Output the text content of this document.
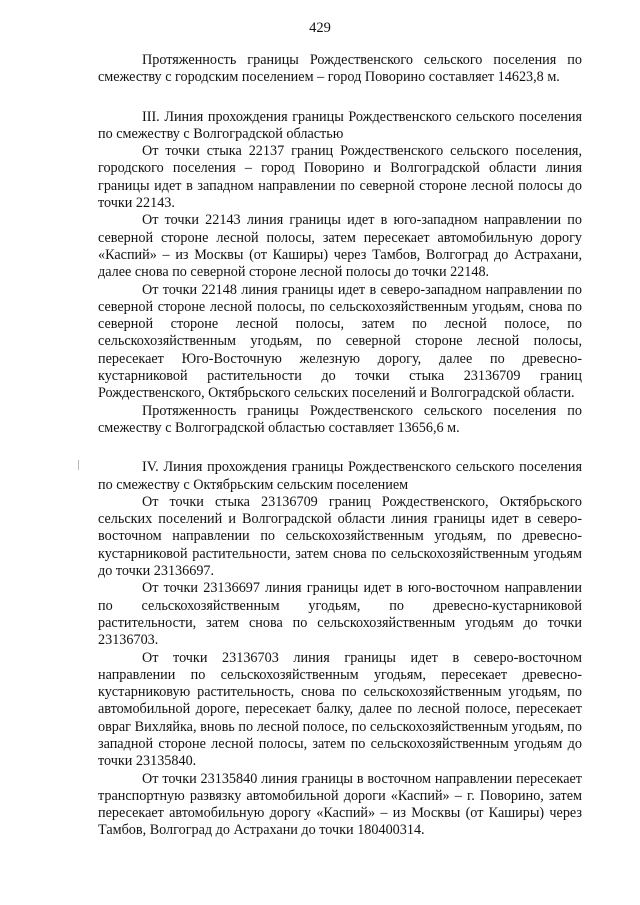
429

Протяженность границы Рождественского сельского поселения по смежеству с городским поселением – город Поворино составляет 14623,8 м.

III. Линия прохождения границы Рождественского сельского поселения по смежеству с Волгоградской областью

От точки стыка 22137 границ Рождественского сельского поселения, городского поселения – город Поворино и Волгоградской области линия границы идет в западном направлении по северной стороне лесной полосы до точки 22143.

От точки 22143 линия границы идет в юго-западном направлении по северной стороне лесной полосы, затем пересекает автомобильную дорогу «Каспий» – из Москвы (от Каширы) через Тамбов, Волгоград до Астрахани, далее снова по северной стороне лесной полосы до точки 22148.

От точки 22148 линия границы идет в северо-западном направлении по северной стороне лесной полосы, по сельскохозяйственным угодьям, снова по северной стороне лесной полосы, затем по лесной полосе, по сельскохозяйственным угодьям, по северной стороне лесной полосы, пересекает Юго-Восточную железную дорогу, далее по древесно-кустарниковой растительности до точки стыка 23136709 границ Рождественского, Октябрьского сельских поселений и Волгоградской области.

Протяженность границы Рождественского сельского поселения по смежеству с Волгоградской областью составляет 13656,6 м.

IV. Линия прохождения границы Рождественского сельского поселения по смежеству с Октябрьским сельским поселением

От точки стыка 23136709 границ Рождественского, Октябрьского сельских поселений и Волгоградской области линия границы идет в северо-восточном направлении по сельскохозяйственным угодьям, по древесно-кустарниковой растительности, затем снова по сельскохозяйственным угодьям до точки 23136697.

От точки 23136697 линия границы идет в юго-восточном направлении по сельскохозяйственным угодьям, по древесно-кустарниковой растительности, затем снова по сельскохозяйственным угодьям до точки 23136703.

От точки 23136703 линия границы идет в северо-восточном направлении по сельскохозяйственным угодьям, пересекает древесно-кустарниковую растительность, снова по сельскохозяйственным угодьям, по автомобильной дороге, пересекает балку, далее по лесной полосе, пересекает овраг Вихляйка, вновь по лесной полосе, по сельскохозяйственным угодьям, по западной стороне лесной полосы, затем по сельскохозяйственным угодьям до точки 23135840.

От точки 23135840 линия границы в восточном направлении пересекает транспортную развязку автомобильной дороги «Каспий» – г. Поворино, затем пересекает автомобильную дорогу «Каспий» – из Москвы (от Каширы) через Тамбов, Волгоград до Астрахани до точки 180400314.
